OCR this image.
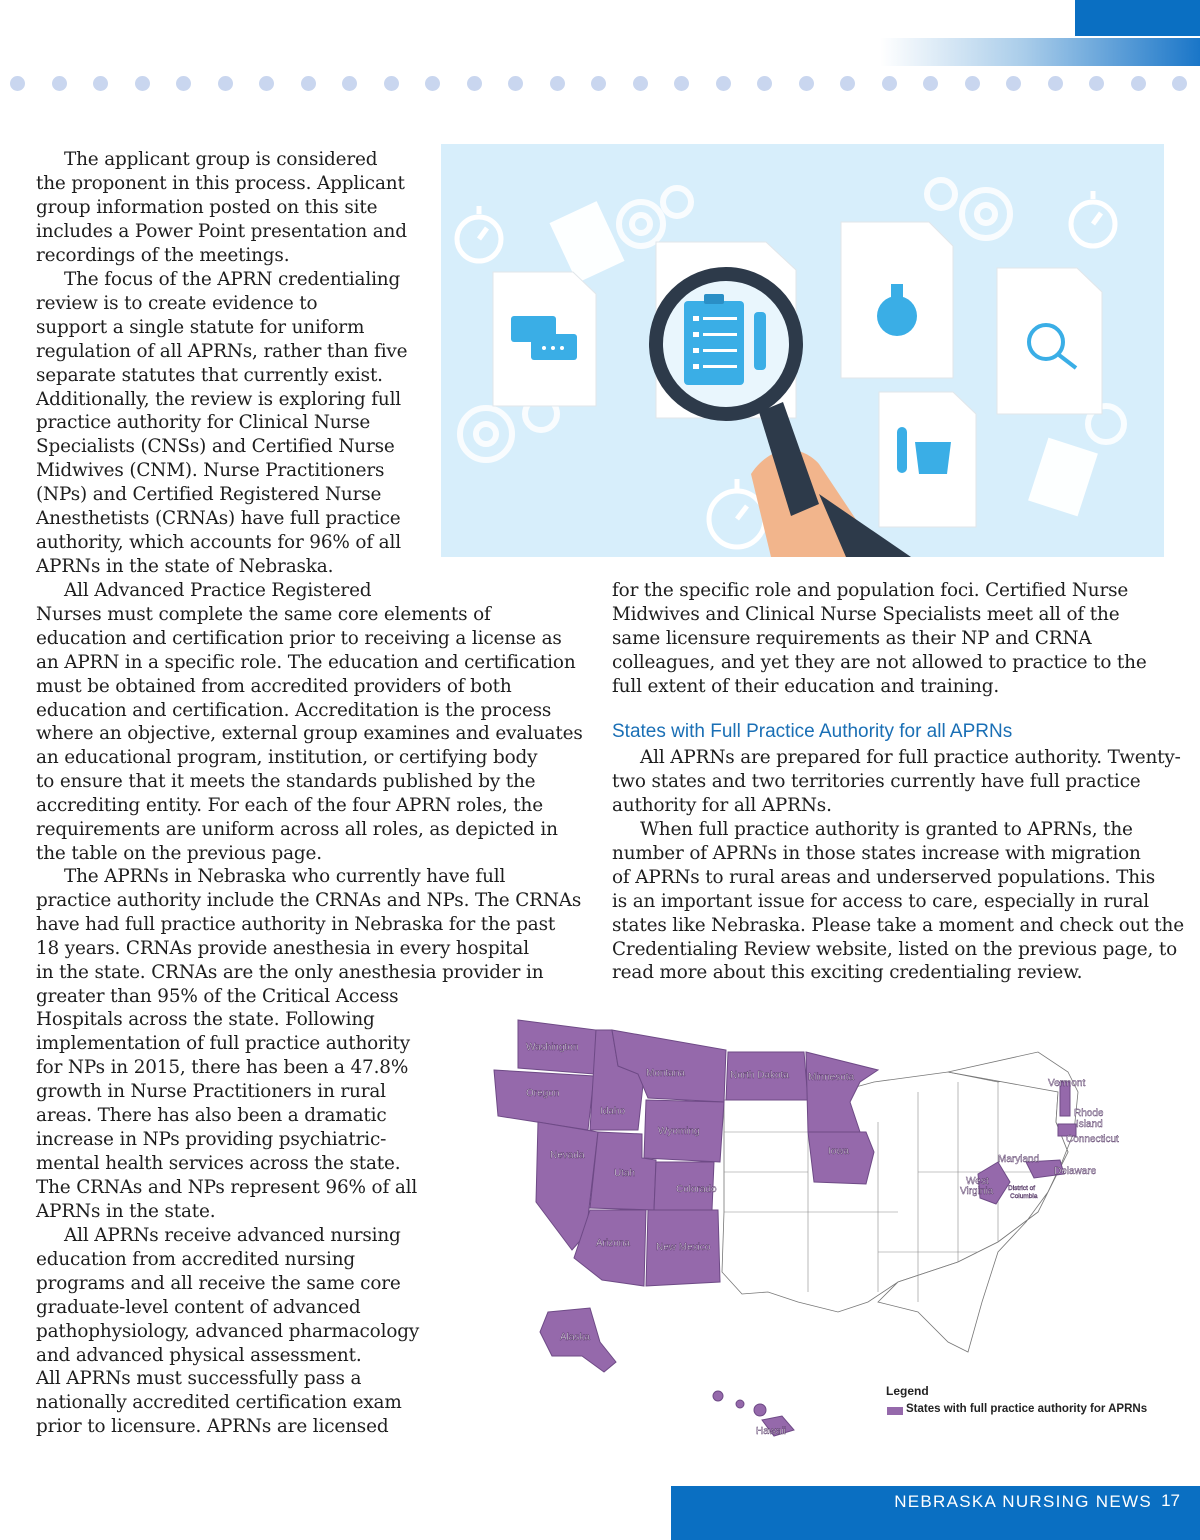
The applicant group is considered
the proponent in this process. Applicant
group information posted on this site
includes a Power Point presentation and
recordings of the meetings.
The focus of the APRN credentialing
review is to create evidence to
support a single statute for uniform
regulation of all APRNs, rather than five
separate statutes that currently exist.
Additionally, the review is exploring full
practice authority for Clinical Nurse
Specialists (CNSs) and Certified Nurse
Midwives (CNM). Nurse Practitioners
(NPs) and Certified Registered Nurse
Anesthetists (CRNAs) have full practice
authority, which accounts for 96% of all
APRNs in the state of Nebraska.
All Advanced Practice Registered
Nurses must complete the same core elements of
education and certification prior to receiving a license as
an APRN in a specific role. The education and certification
must be obtained from accredited providers of both
education and certification. Accreditation is the process
where an objective, external group examines and evaluates
an educational program, institution, or certifying body
to ensure that it meets the standards published by the
accrediting entity. For each of the four APRN roles, the
requirements are uniform across all roles, as depicted in
the table on the previous page.
The APRNs in Nebraska who currently have full
practice authority include the CRNAs and NPs. The CRNAs
have had full practice authority in Nebraska for the past
18 years. CRNAs provide anesthesia in every hospital
in the state. CRNAs are the only anesthesia provider in
greater than 95% of the Critical Access
Hospitals across the state. Following
implementation of full practice authority
for NPs in 2015, there has been a 47.8%
growth in Nurse Practitioners in rural
areas. There has also been a dramatic
increase in NPs providing psychiatric-
mental health services across the state.
The CRNAs and NPs represent 96% of all
APRNs in the state.
All APRNs receive advanced nursing
education from accredited nursing
programs and all receive the same core
graduate-level content of advanced
pathophysiology, advanced pharmacology
and advanced physical assessment.
All APRNs must successfully pass a
nationally accredited certification exam
prior to licensure. APRNs are licensed
for the specific role and population foci. Certified Nurse
Midwives and Clinical Nurse Specialists meet all of the
same licensure requirements as their NP and CRNA
colleagues, and yet they are not allowed to practice to the
full extent of their education and training.
States with Full Practice Authority for all APRNs
All APRNs are prepared for full practice authority. Twenty-
two states and two territories currently have full practice
authority for all APRNs.
When full practice authority is granted to APRNs, the
number of APRNs in those states increase with migration
of APRNs to rural areas and underserved populations. This
is an important issue for access to care, especially in rural
states like Nebraska. Please take a moment and check out the
Credentialing Review website, listed on the previous page, to
read more about this exciting credentialing review.
Washington
Oregon
Idaho
Montana	North Dakota Minnesota
Wyoming
Nevada
Utah
Colorado
Arizona	New Mexico
Iowa
Alaska
Hawaii
Vermont
Rhode
Island
Connecticut
Maryland
Delaware
West
Virginia District of
Columbia
Legend
States with full practice authority for APRNs
NEBRASKA NURSING NEWS 17
